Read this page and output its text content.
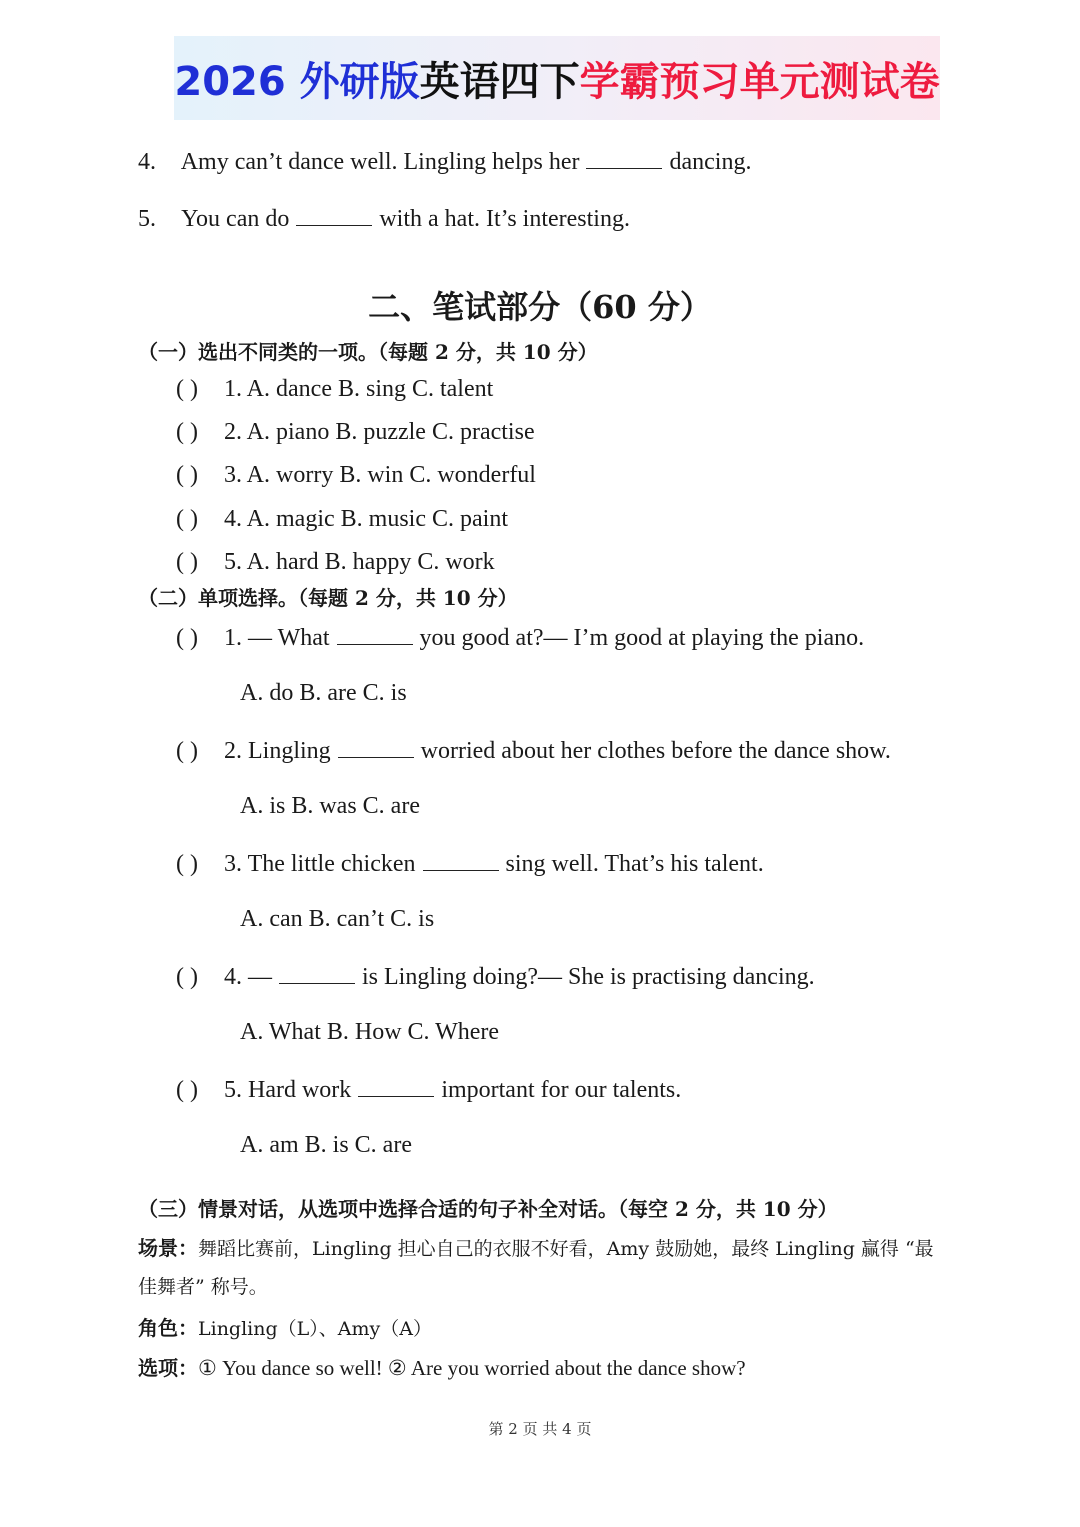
2026 外研版 英语四下 学霸预习单元测试卷
4. Amy can’t dance well. Lingling helps her	dancing.
5. You can do	with a hat. It’s interesting.
二、笔试部分（60 分）
（一）选出不同类的一项。（每题 2 分，共 10 分）
( ) 1. A. dance B. sing C. talent
( ) 2. A. piano B. puzzle C. practise
( ) 3. A. worry B. win C. wonderful
( ) 4. A. magic B. music C. paint
( ) 5. A. hard B. happy C. work
（二）单项选择。（每题 2 分，共 10 分）
( ) 1. — What	you good at?— I’m good at playing the piano.
A. do B. are C. is
( ) 2. Lingling	worried about her clothes before the dance show.
A. is B. was C. are
( ) 3. The little chicken	sing well. That’s his talent.
A. can B. can’t C. is
( ) 4. —	is Lingling doing?— She is practising dancing.
A. What B. How C. Where
( ) 5. Hard work	important for our talents.
A. am B. is C. are
（三）情景对话，从选项中选择合适的句子补全对话。（每空 2 分，共 10 分）
场景：舞蹈比赛前，Lingling 担心自己的衣服不好看，Amy 鼓励她，最终 Lingling 赢得 “最
佳舞者” 称号。
角色：Lingling（L）、Amy（A）
选项：① You dance so well! ② Are you worried about the dance show?
第 2 页 共 4 页
